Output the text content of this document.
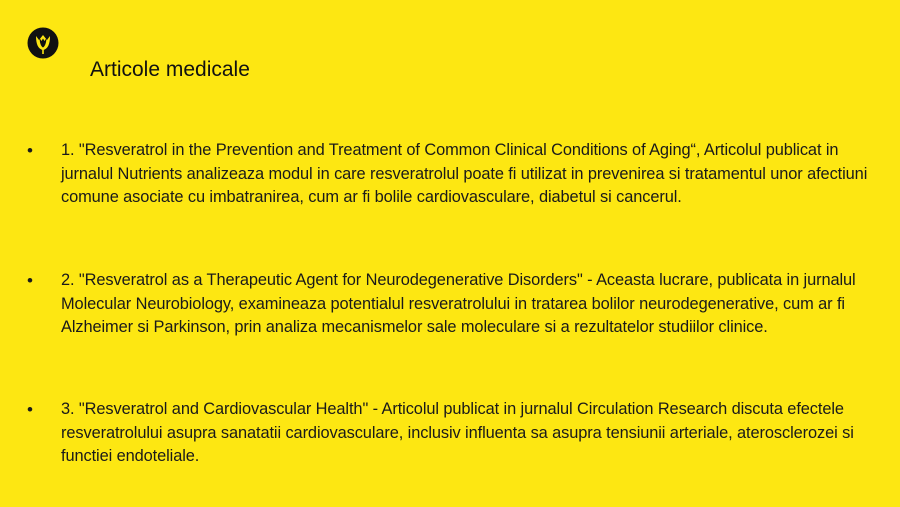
Articole medicale
• 1. "Resveratrol in the Prevention and Treatment of Common Clinical Conditions of Aging“, Articolul publicat in jurnalul Nutrients analizeaza modul in care resveratrolul poate fi utilizat in prevenirea si tratamentul unor afectiuni comune asociate cu imbatranirea, cum ar fi bolile cardiovasculare, diabetul si cancerul.
• 2. "Resveratrol as a Therapeutic Agent for Neurodegenerative Disorders" - Aceasta lucrare, publicata in jurnalul Molecular Neurobiology, examineaza potentialul resveratrolului in tratarea bolilor neurodegenerative, cum ar fi Alzheimer si Parkinson, prin analiza mecanismelor sale moleculare si a rezultatelor studiilor clinice.
• 3. "Resveratrol and Cardiovascular Health" - Articolul publicat in jurnalul Circulation Research discuta efectele resveratrolului asupra sanatatii cardiovasculare, inclusiv influenta sa asupra tensiunii arteriale, aterosclerozei si functiei endoteliale.
